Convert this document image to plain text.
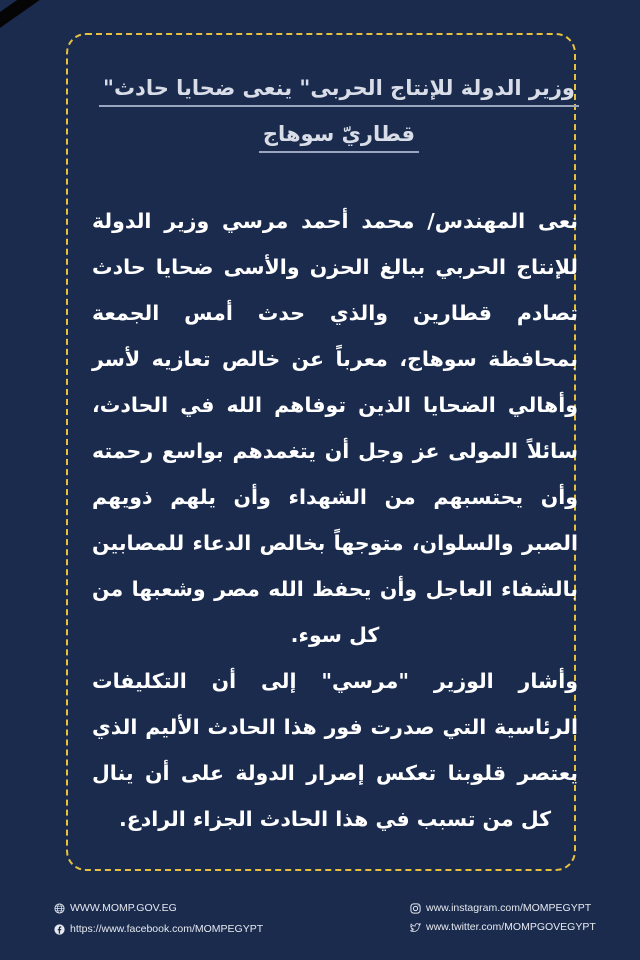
وزير الدولة للإنتاج الحربى" ينعى ضحايا حادث"
قطاريّ سوهاج

نعى المهندس/ محمد أحمد مرسي وزير الدولة للإنتاج الحربي ببالغ الحزن والأسى ضحايا حادث تصادم قطارين والذي حدث أمس الجمعة بمحافظة سوهاج، معرباً عن خالص تعازيه لأسر وأهالي الضحايا الذين توفاهم الله في الحادث، سائلاً المولى عز وجل أن يتغمدهم بواسع رحمته وأن يحتسبهم من الشهداء وأن يلهم ذويهم الصبر والسلوان، متوجهاً بخالص الدعاء للمصابين بالشفاء العاجل وأن يحفظ الله مصر وشعبها من كل سوء.

وأشار الوزير "مرسي" إلى أن التكليفات الرئاسية التي صدرت فور هذا الحادث الأليم الذي يعتصر قلوبنا تعكس إصرار الدولة على أن ينال كل من تسبب في هذا الحادث الجزاء الرادع.

WWW.MOMP.GOV.EG
https://www.facebook.com/MOMPEGYPT
www.instagram.com/MOMPEGYPT
www.twitter.com/MOMPGOVEGYPT
